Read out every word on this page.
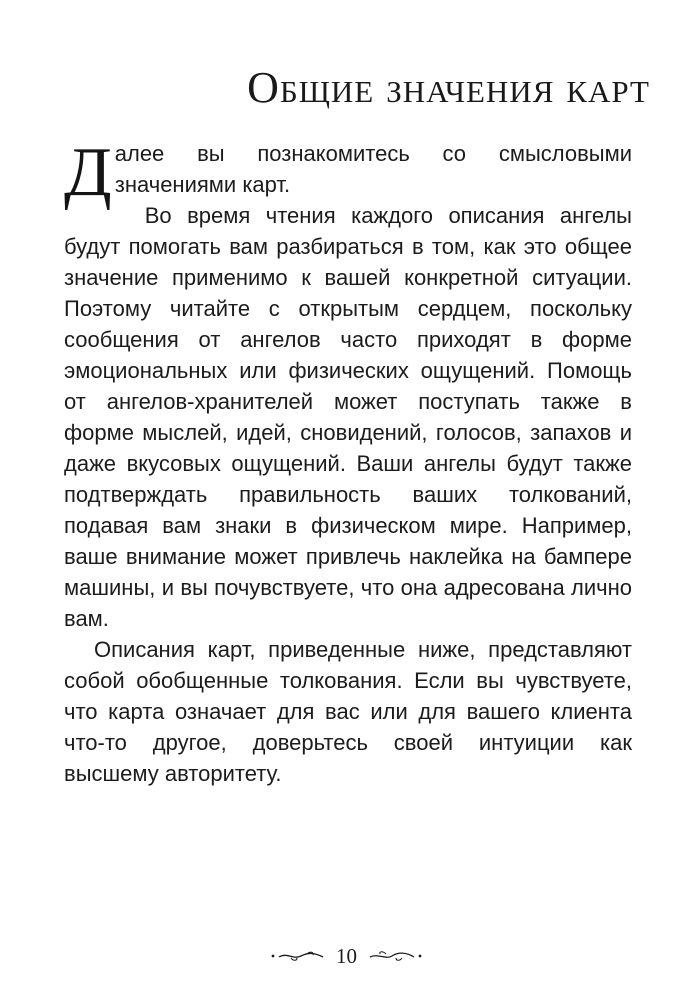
Общие значения карт

Далее вы познакомитесь со смысловыми значениями карт.

Во время чтения каждого описания ангелы будут помогать вам разбираться в том, как это общее значение применимо к вашей конкретной ситуации. Поэтому читайте с открытым сердцем, поскольку сообщения от ангелов часто приходят в форме эмоциональных или физических ощущений. Помощь от ангелов-хранителей может поступать также в форме мыслей, идей, сновидений, голосов, запахов и даже вкусовых ощущений. Ваши ангелы будут также подтверждать правильность ваших толкований, подавая вам знаки в физическом мире. Например, ваше внимание может привлечь наклейка на бампере машины, и вы почувствуете, что она адресована лично вам.

Описания карт, приведенные ниже, представляют собой обобщенные толкования. Если вы чувствуете, что карта означает для вас или для вашего клиента что-то другое, доверьтесь своей интуиции как высшему авторитету.

10
